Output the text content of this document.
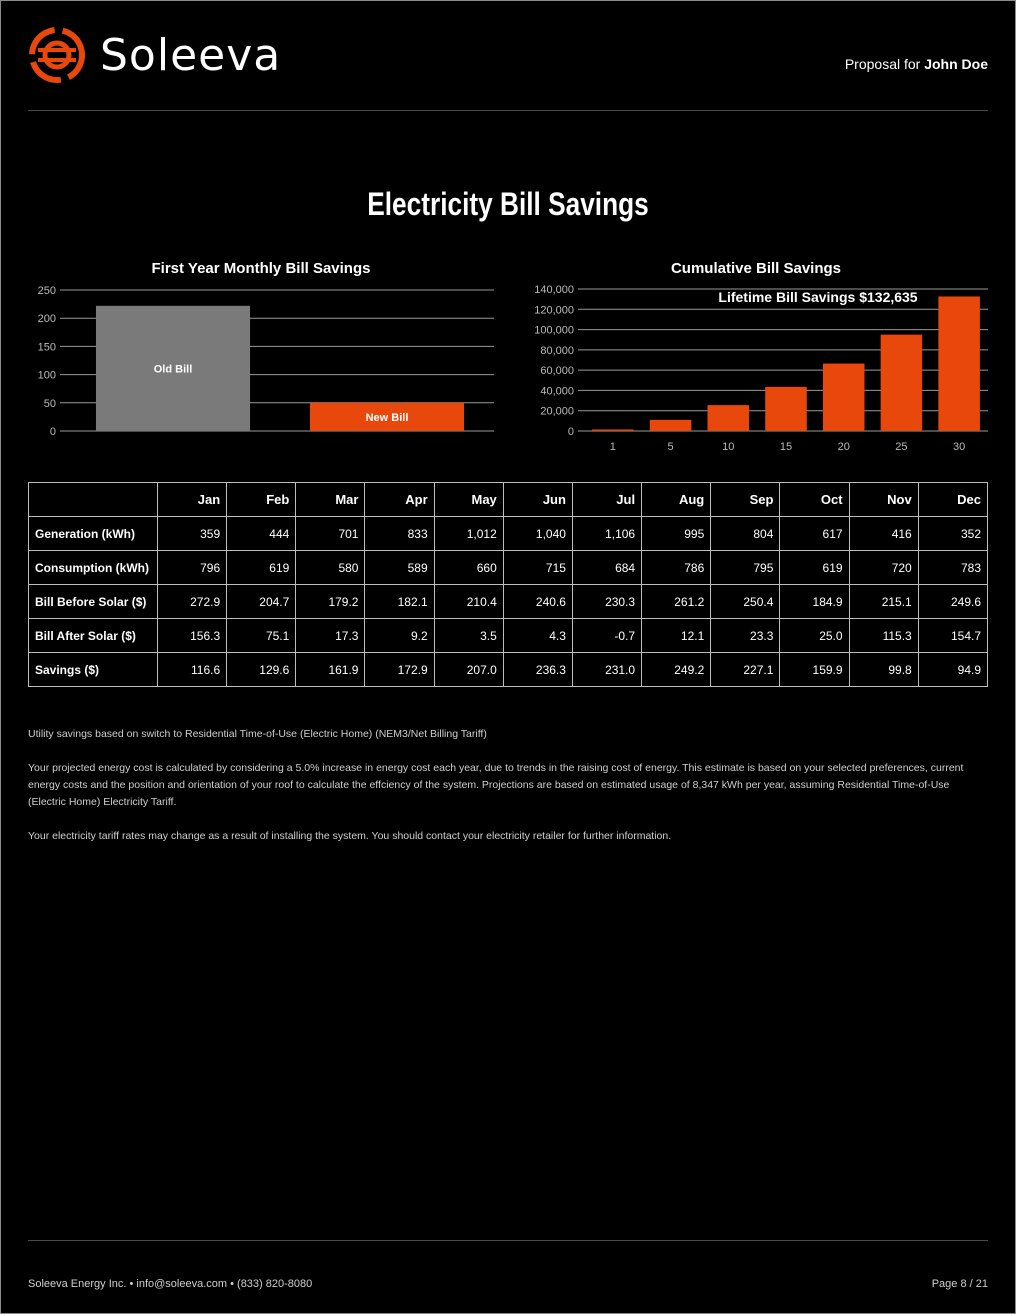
Soleeva	Proposal for John Doe
Electricity Bill Savings
First Year Monthly Bill Savings
0
50
100
150
200
250
Old Bill
New Bill
Cumulative Bill Savings
0
20,000
40,000
60,000
80,000
100,000
120,000
140,000
1	5	10	15	20	25	30
Lifetime Bill Savings $132,635
	Jan	Feb	Mar	Apr	May	Jun	Jul	Aug	Sep	Oct	Nov	Dec
Generation (kWh)	359	444	701	833	1,012	1,040	1,106	995	804	617	416	352
Consumption (kWh)	796	619	580	589	660	715	684	786	795	619	720	783
Bill Before Solar ($)	272.9	204.7	179.2	182.1	210.4	240.6	230.3	261.2	250.4	184.9	215.1	249.6
Bill After Solar ($)	156.3	75.1	17.3	9.2	3.5	4.3	-0.7	12.1	23.3	25.0	115.3	154.7
Savings ($)	116.6	129.6	161.9	172.9	207.0	236.3	231.0	249.2	227.1	159.9	99.8	94.9

Utility savings based on switch to Residential Time-of-Use (Electric Home) (NEM3/Net Billing Tariff)

Your projected energy cost is calculated by considering a 5.0% increase in energy cost each year, due to trends in the raising cost of energy. This estimate is based on your selected preferences, current energy costs and the position and orientation of your roof to calculate the effciency of the system. Projections are based on estimated usage of 8,347 kWh per year, assuming Residential Time-of-Use (Electric Home) Electricity Tariff.

Your electricity tariff rates may change as a result of installing the system. You should contact your electricity retailer for further information.

Soleeva Energy Inc. • info@soleeva.com • (833) 820-8080	Page 8 / 21
